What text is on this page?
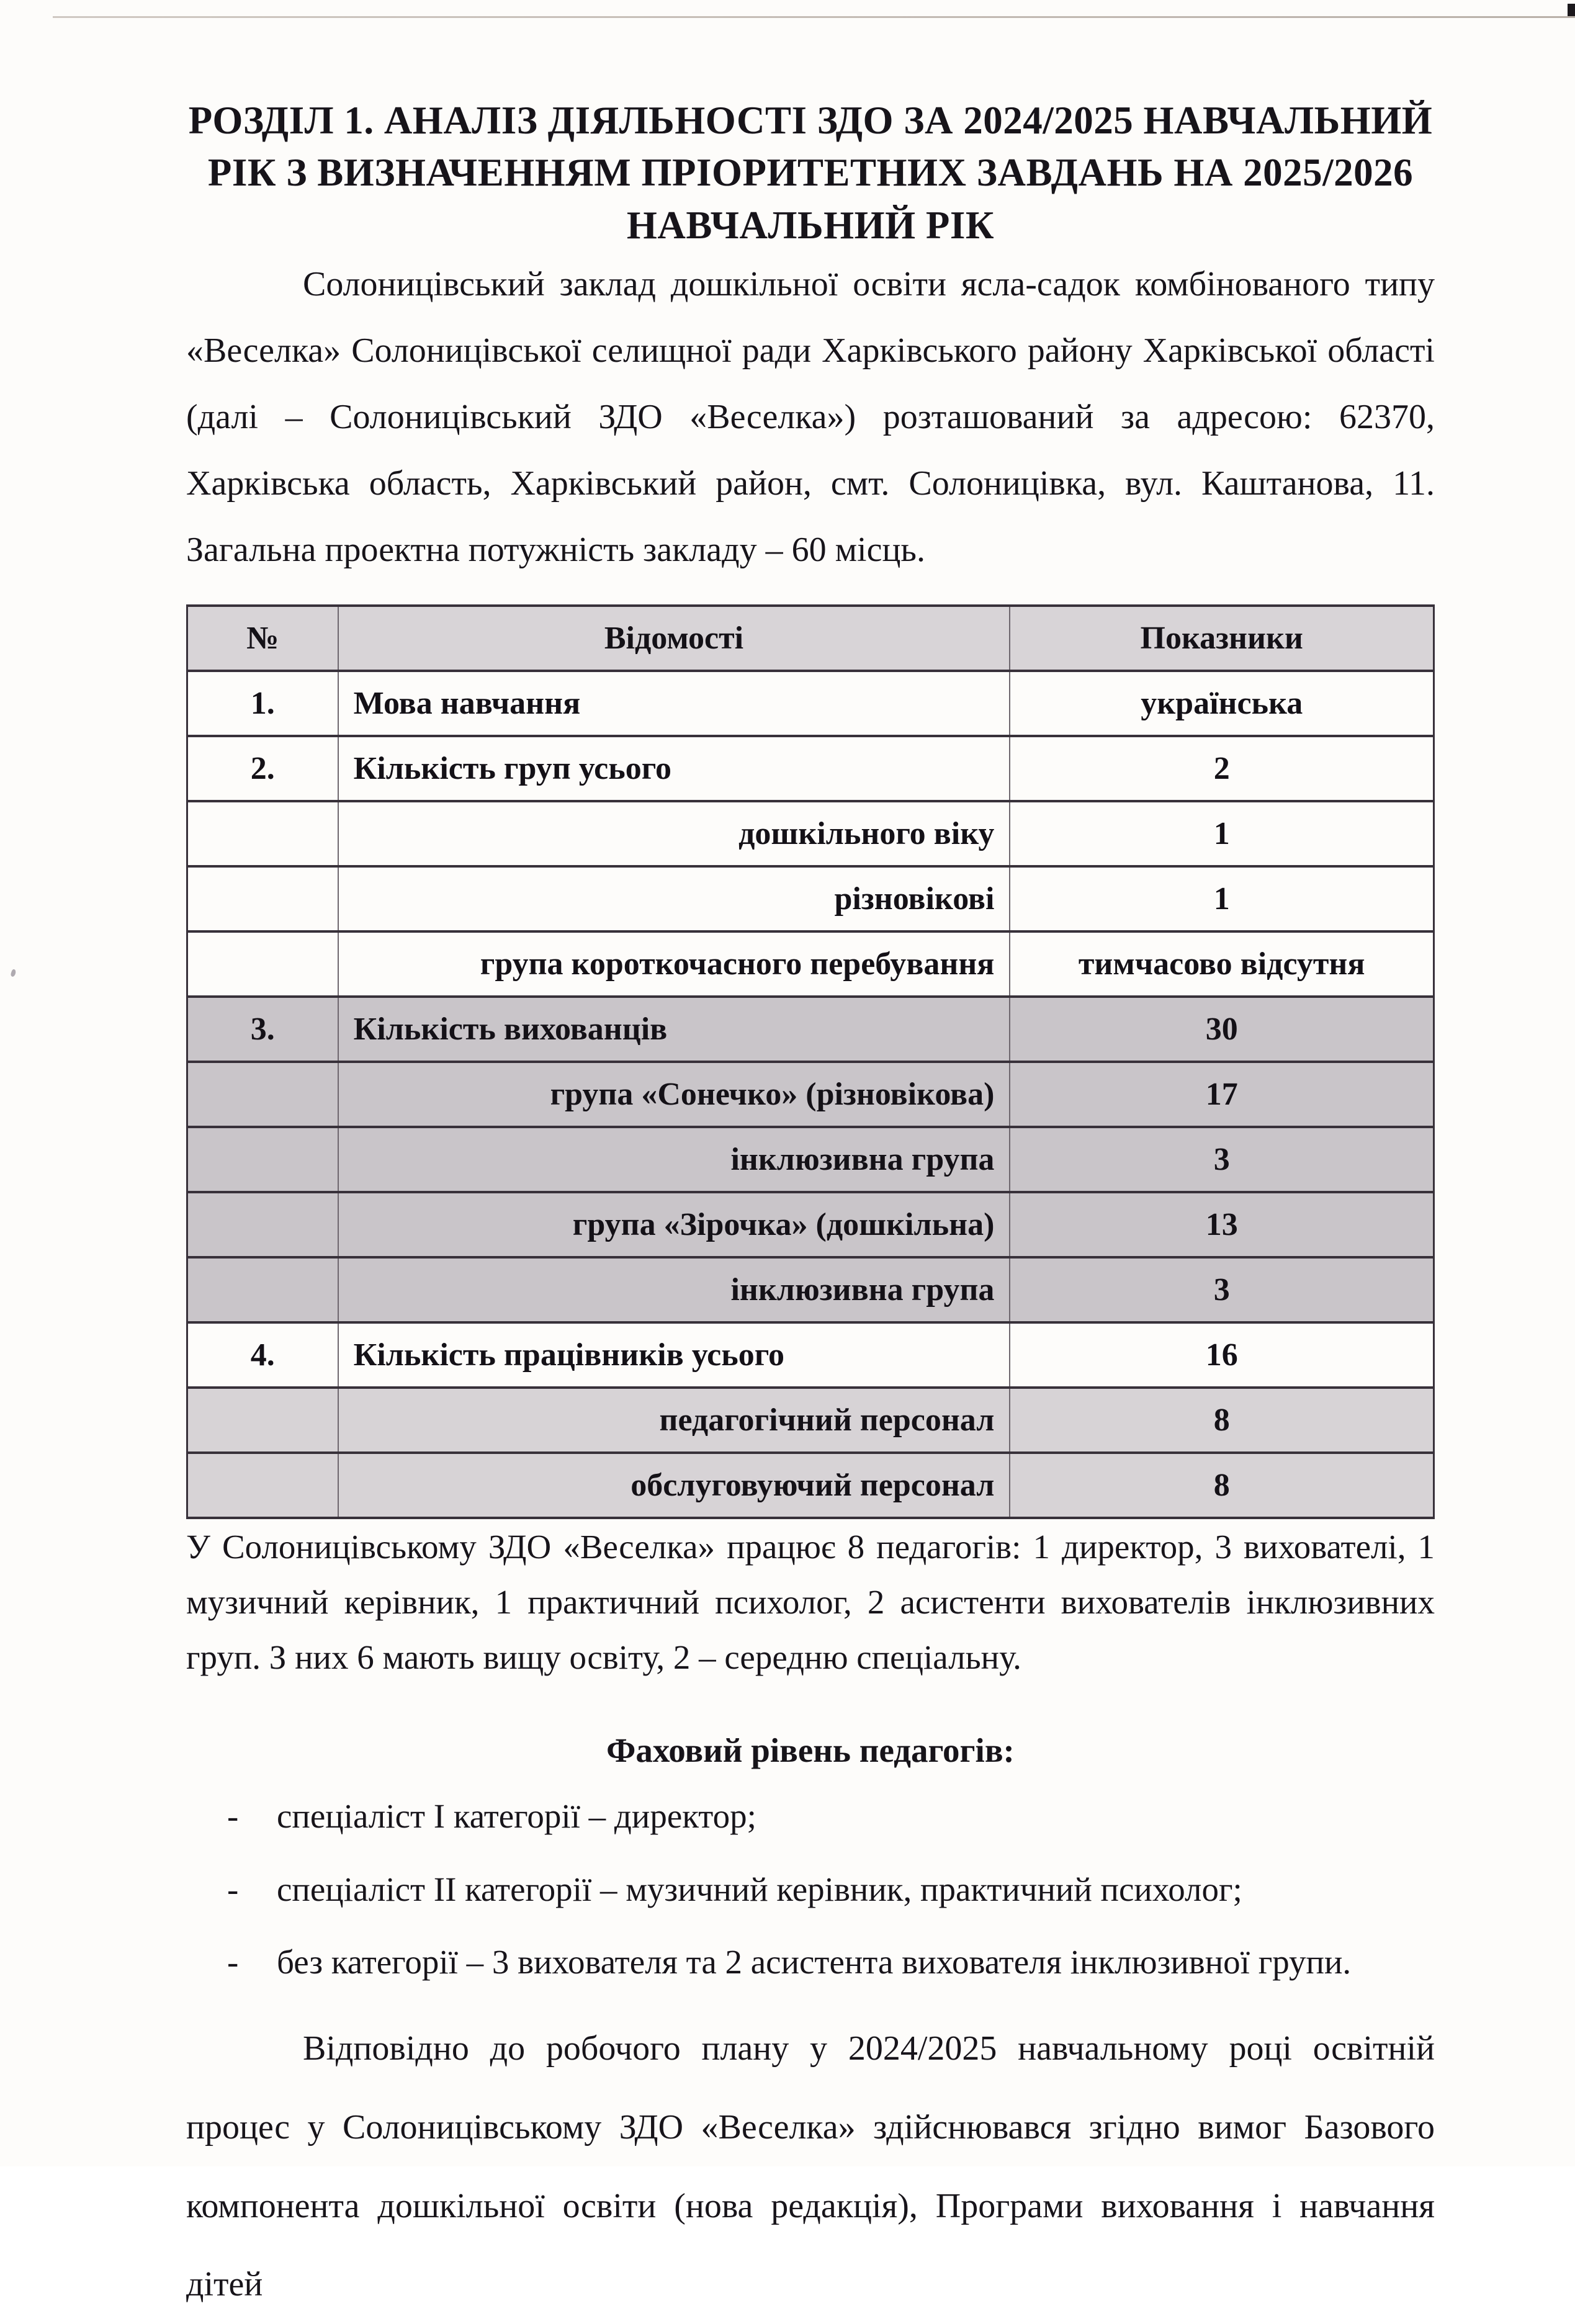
РОЗДІЛ 1. АНАЛІЗ ДІЯЛЬНОСТІ ЗДО ЗА 2024/2025 НАВЧАЛЬНИЙ РІК З ВИЗНАЧЕННЯМ ПРІОРИТЕТНИХ ЗАВДАНЬ НА 2025/2026 НАВЧАЛЬНИЙ РІК

Солоницівський заклад дошкільної освіти ясла-садок комбінованого типу «Веселка» Солоницівської селищної ради Харківського району Харківської області (далі – Солоницівський ЗДО «Веселка») розташований за адресою: 62370, Харківська область, Харківський район, смт. Солоницівка, вул. Каштанова, 11. Загальна проектна потужність закладу – 60 місць.

№	Відомості	Показники
1.	Мова навчання	українська
2.	Кількість груп усього	2
	дошкільного віку	1
	різновікові	1
	група короткочасного перебування	тимчасово відсутня
3.	Кількість вихованців	30
	група «Сонечко» (різновікова)	17
	інклюзивна група	3
	група «Зірочка» (дошкільна)	13
	інклюзивна група	3
4.	Кількість працівників усього	16
	педагогічний персонал	8
	обслуговуючий персонал	8

У Солоницівському ЗДО «Веселка» працює 8 педагогів: 1 директор, 3 вихователі, 1 музичний керівник, 1 практичний психолог, 2 асистенти вихователів інклюзивних груп. З них 6 мають вищу освіту, 2 – середню спеціальну.

Фаховий рівень педагогів:
-	спеціаліст І категорії – директор;
-	спеціаліст ІІ категорії – музичний керівник, практичний психолог;
-	без категорії – 3 вихователя та 2 асистента вихователя інклюзивної групи.

Відповідно до робочого плану у 2024/2025 навчальному році освітній процес у Солоницівському ЗДО «Веселка» здійснювався згідно вимог Базового компонента дошкільної освіти (нова редакція), Програми виховання і навчання дітей
